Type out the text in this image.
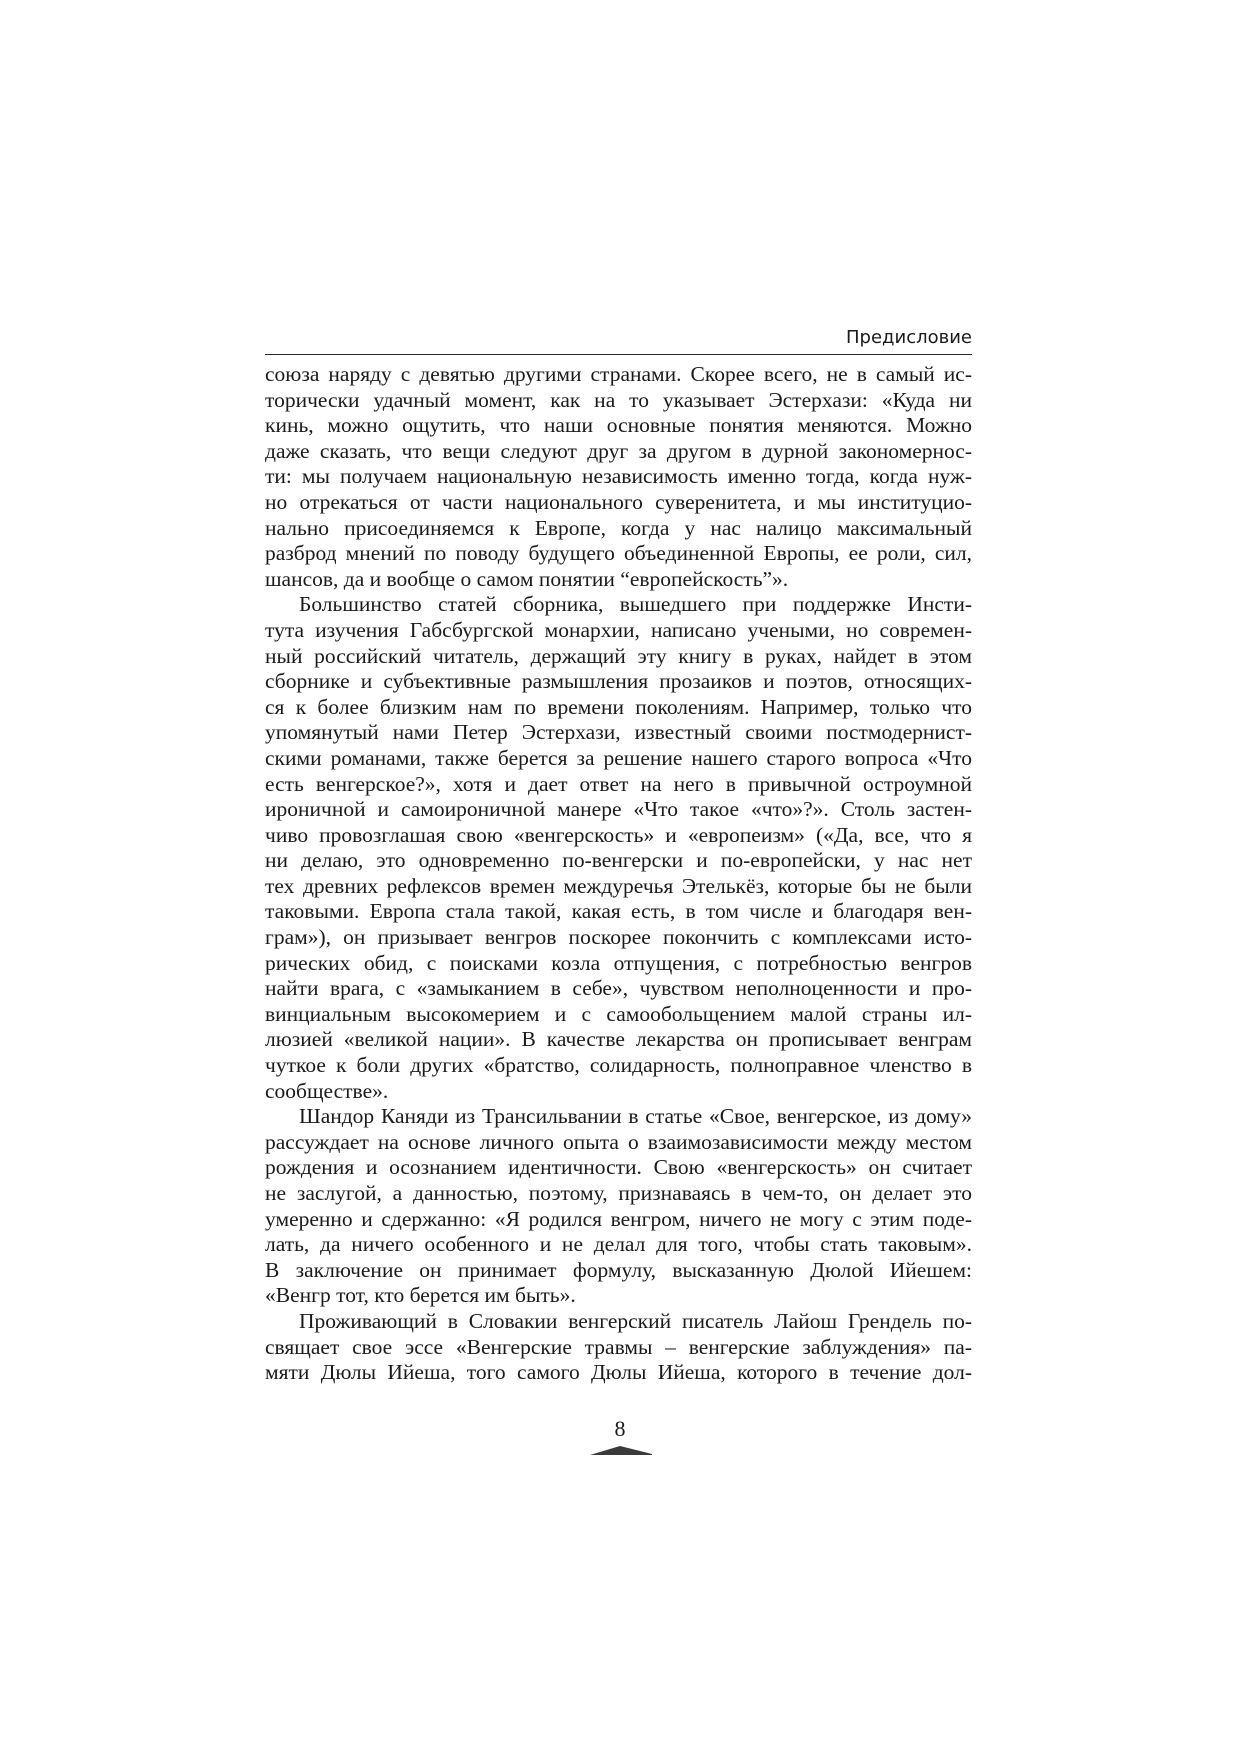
Предисловие
союза наряду с девятью другими странами. Скорее всего, не в самый ис-
торически удачный момент, как на то указывает Эстерхази: «Куда ни
кинь, можно ощутить, что наши основные понятия меняются. Можно
даже сказать, что вещи следуют друг за другом в дурной закономернос-
ти: мы получаем национальную независимость именно тогда, когда нуж-
но отрекаться от части национального суверенитета, и мы институцио-
нально присоединяемся к Европе, когда у нас налицо максимальный
разброд мнений по поводу будущего объединенной Европы, ее роли, сил,
шансов, да и вообще о самом понятии “европейскость”».
Большинство статей сборника, вышедшего при поддержке Инсти-
тута изучения Габсбургской монархии, написано учеными, но современ-
ный российский читатель, держащий эту книгу в руках, найдет в этом
сборнике и субъективные размышления прозаиков и поэтов, относящих-
ся к более близким нам по времени поколениям. Например, только что
упомянутый нами Петер Эстерхази, известный своими постмодернист-
скими романами, также берется за решение нашего старого вопроса «Что
есть венгерское?», хотя и дает ответ на него в привычной остроумной
ироничной и самоироничной манере «Что такое «что»?». Столь застен-
чиво провозглашая свою «венгерскость» и «европеизм» («Да, все, что я
ни делаю, это одновременно по-венгерски и по-европейски, у нас нет
тех древних рефлексов времен междуречья Этелькёз, которые бы не были
таковыми. Европа стала такой, какая есть, в том числе и благодаря вен-
грам»), он призывает венгров поскорее покончить с комплексами исто-
рических обид, с поисками козла отпущения, с потребностью венгров
найти врага, с «замыканием в себе», чувством неполноценности и про-
винциальным высокомерием и с самообольщением малой страны ил-
люзией «великой нации». В качестве лекарства он прописывает венграм
чуткое к боли других «братство, солидарность, полноправное членство в
сообществе».
Шандор Каняди из Трансильвании в статье «Свое, венгерское, из дому»
рассуждает на основе личного опыта о взаимозависимости между местом
рождения и осознанием идентичности. Свою «венгерскость» он считает
не заслугой, а данностью, поэтому, признаваясь в чем-то, он делает это
умеренно и сдержанно: «Я родился венгром, ничего не могу с этим поде-
лать, да ничего особенного и не делал для того, чтобы стать таковым».
В заключение он принимает формулу, высказанную Дюлой Ийешем:
«Венгр тот, кто берется им быть».
Проживающий в Словакии венгерский писатель Лайош Грендель по-
свящает свое эссе «Венгерские травмы – венгерские заблуждения» па-
мяти Дюлы Ийеша, того самого Дюлы Ийеша, которого в течение дол-
8
